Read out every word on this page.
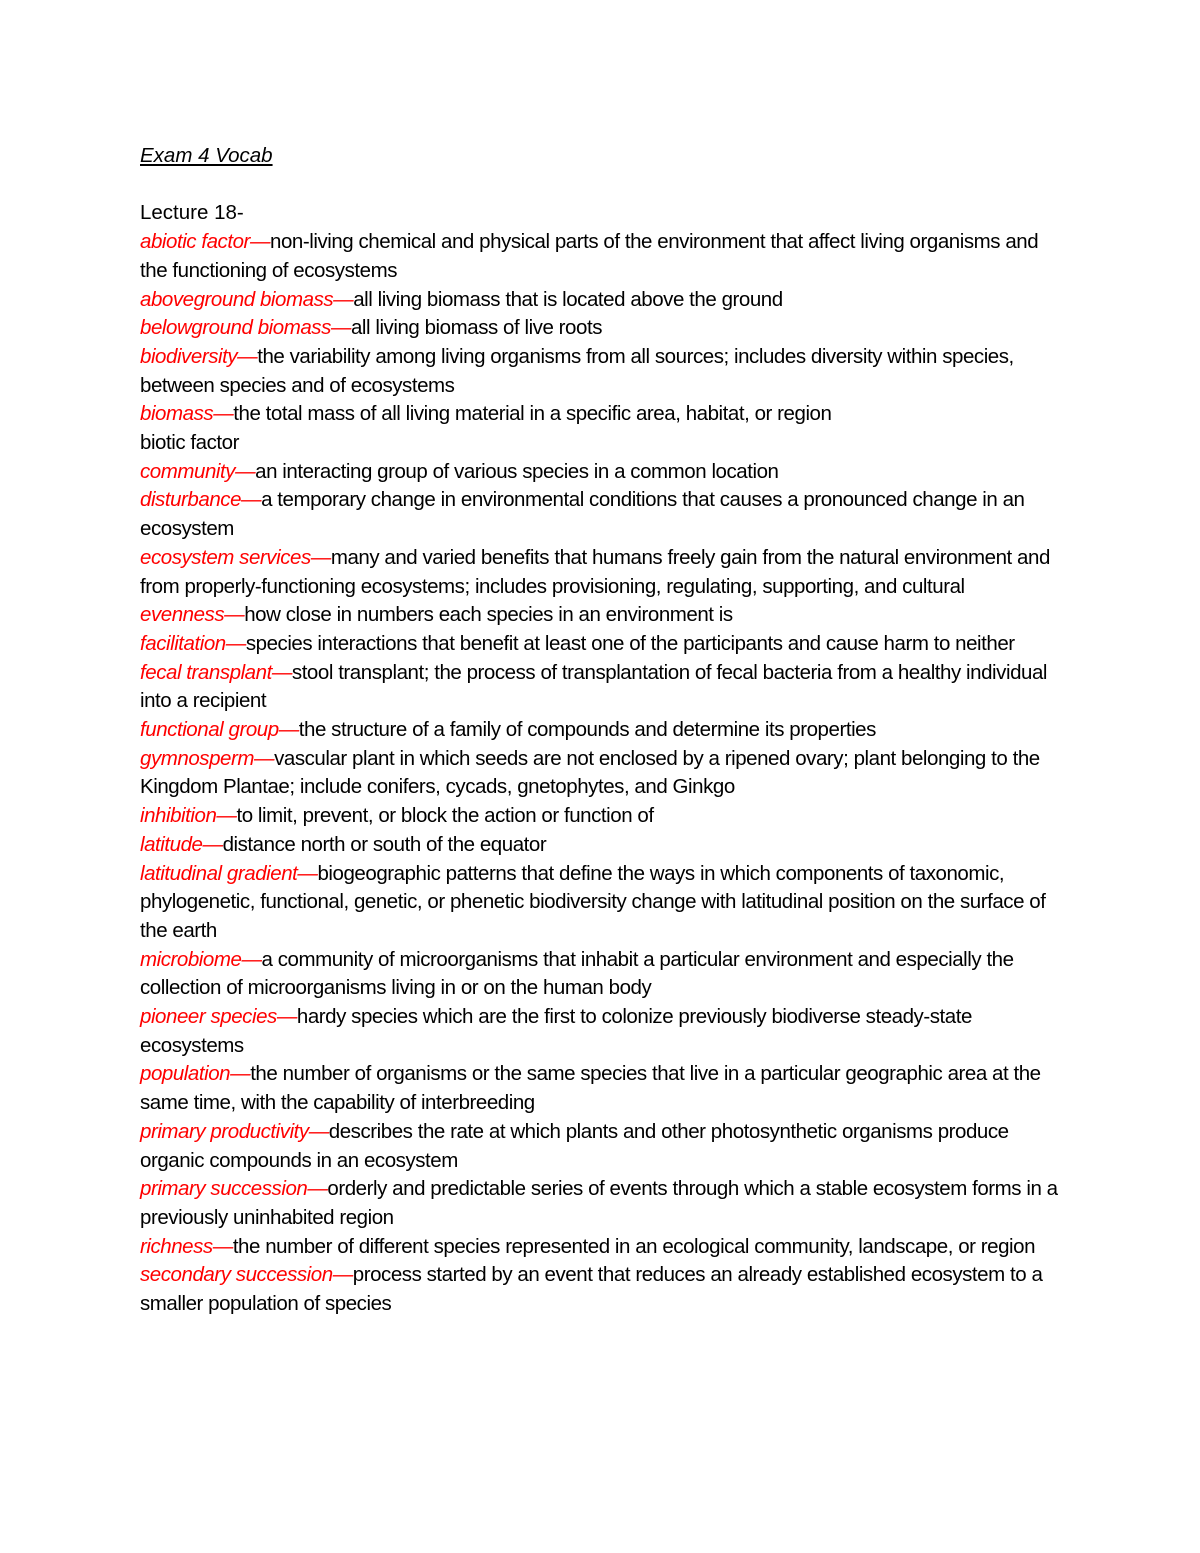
Exam 4 Vocab
Lecture 18-
abiotic factor—non-living chemical and physical parts of the environment that affect living organisms and the functioning of ecosystems
aboveground biomass—all living biomass that is located above the ground
belowground biomass—all living biomass of live roots
biodiversity—the variability among living organisms from all sources; includes diversity within species, between species and of ecosystems
biomass—the total mass of all living material in a specific area, habitat, or region
biotic factor
community—an interacting group of various species in a common location
disturbance—a temporary change in environmental conditions that causes a pronounced change in an ecosystem
ecosystem services—many and varied benefits that humans freely gain from the natural environment and from properly-functioning ecosystems; includes provisioning, regulating, supporting, and cultural
evenness—how close in numbers each species in an environment is
facilitation—species interactions that benefit at least one of the participants and cause harm to neither
fecal transplant—stool transplant; the process of transplantation of fecal bacteria from a healthy individual into a recipient
functional group—the structure of a family of compounds and determine its properties
gymnosperm—vascular plant in which seeds are not enclosed by a ripened ovary; plant belonging to the Kingdom Plantae; include conifers, cycads, gnetophytes, and Ginkgo
inhibition—to limit, prevent, or block the action or function of
latitude—distance north or south of the equator
latitudinal gradient—biogeographic patterns that define the ways in which components of taxonomic, phylogenetic, functional, genetic, or phenetic biodiversity change with latitudinal position on the surface of the earth
microbiome—a community of microorganisms that inhabit a particular environment and especially the collection of microorganisms living in or on the human body
pioneer species—hardy species which are the first to colonize previously biodiverse steady-state ecosystems
population—the number of organisms or the same species that live in a particular geographic area at the same time, with the capability of interbreeding
primary productivity—describes the rate at which plants and other photosynthetic organisms produce organic compounds in an ecosystem
primary succession—orderly and predictable series of events through which a stable ecosystem forms in a previously uninhabited region
richness—the number of different species represented in an ecological community, landscape, or region
secondary succession—process started by an event that reduces an already established ecosystem to a smaller population of species
